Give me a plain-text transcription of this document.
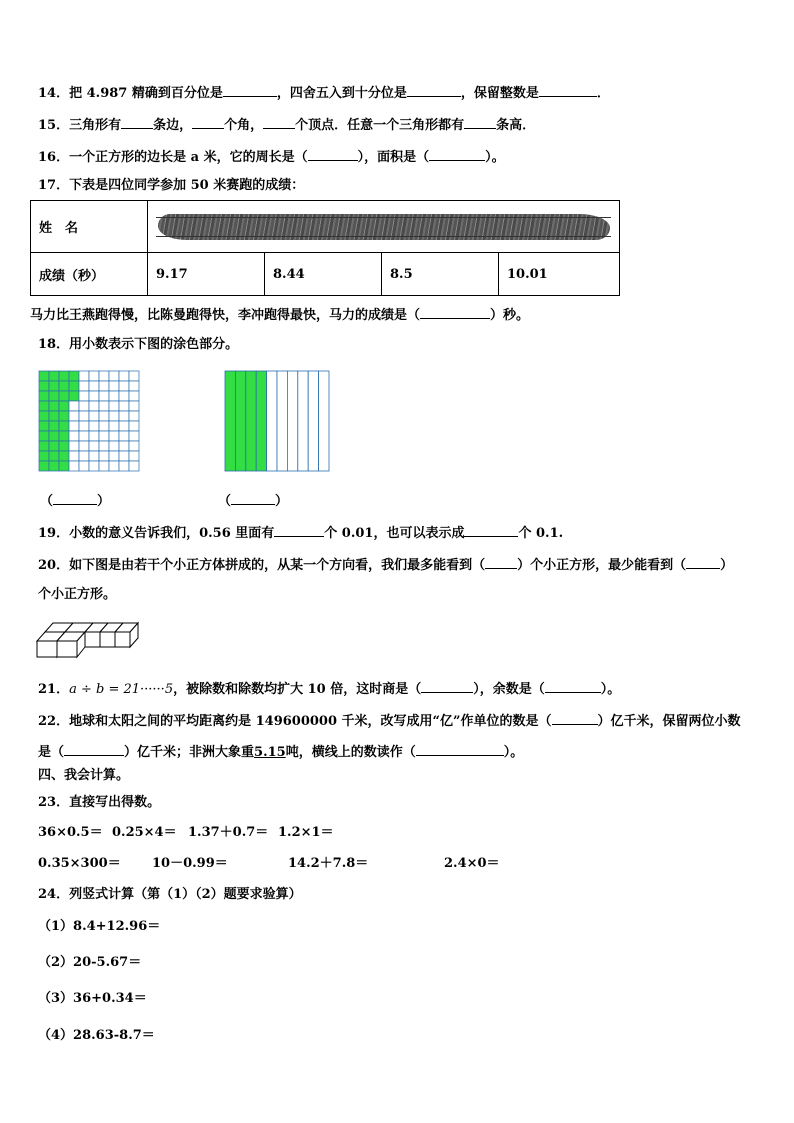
14．把 4.987 精确到百分位是	，四舍五入到十分位是	，保留整数是	．
15．三角形有 条边， 个角， 个顶点．任意一个三角形都有 条高．
16．一个正方形的边长是 a 米，它的周长是（	），面积是（	）。
17．下表是四位同学参加 50 米赛跑的成绩：
姓　名				

成绩（秒）	9.17	8.44	8.5	10.01
马力比王燕跑得慢，比陈曼跑得快，李冲跑得最快，马力的成绩是（	）秒。
18．用小数表示下图的涂色部分。
（	）	（	）
19．小数的意义告诉我们，0.56 里面有	个 0.01，也可以表示成	个 0.1.
20．如下图是由若干个小正方体拼成的，从某一个方向看，我们最多能看到（ ）个小正方形，最少能看到（	）
个小正方形。
21．a ÷ b = 21······5，被除数和除数均扩大 10 倍，这时商是（	），余数是（	）。
22．地球和太阳之间的平均距离约是 149600000 千米，改写成用“亿”作单位的数是（	）亿千米，保留两位小数
是（	）亿千米；非洲大象重5.15吨，横线上的数读作（	）。
四、我会计算。
23．直接写出得数。
36×0.5＝ 0.25×4＝ 1.37＋0.7＝ 1.2×1＝
0.35×300＝ 10－0.99＝	14.2＋7.8＝	2.4×0＝
24．列竖式计算（第（1）（2）题要求验算）
（1）8.4+12.96＝
（2）20-5.67＝
（3）36+0.34＝
（4）28.63-8.7＝
